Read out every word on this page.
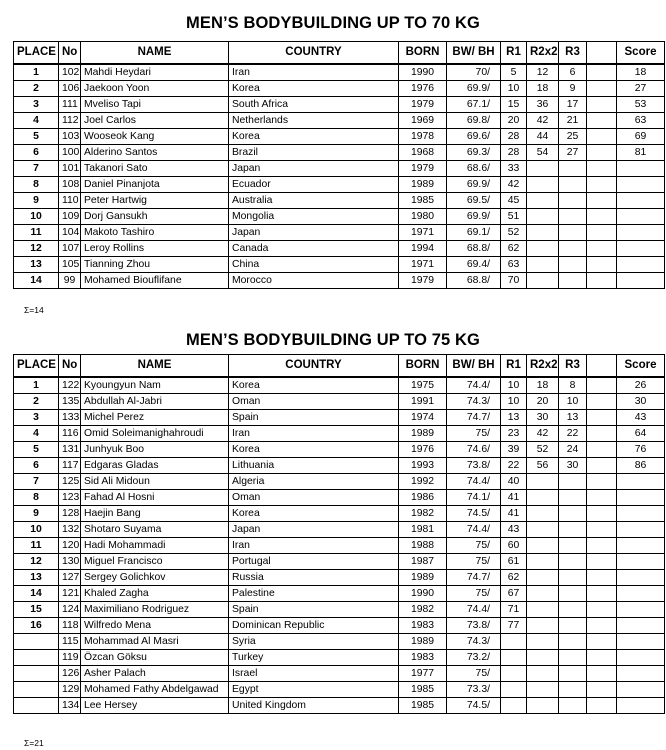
MEN’S BODYBUILDING UP TO 70 KG
PLACE	No	NAME	COUNTRY	BORN	BW/ BH	R1	R2x2	R3		Score
1	102	Mahdi Heydari	Iran	1990	70/	5	12	6		18
2	106	Jaekoon Yoon	Korea	1976	69.9/	10	18	9		27
3	111	Mveliso Tapi	South Africa	1979	67.1/	15	36	17		53
4	112	Joel Carlos	Netherlands	1969	69.8/	20	42	21		63
5	103	Wooseok Kang	Korea	1978	69.6/	28	44	25		69
6	100	Alderino Santos	Brazil	1968	69.3/	28	54	27		81
7	101	Takanori Sato	Japan	1979	68.6/	33				
8	108	Daniel Pinanjota	Ecuador	1989	69.9/	42				
9	110	Peter Hartwig	Australia	1985	69.5/	45				
10	109	Dorj Gansukh	Mongolia	1980	69.9/	51				
11	104	Makoto Tashiro	Japan	1971	69.1/	52				
12	107	Leroy Rollins	Canada	1994	68.8/	62				
13	105	Tianning Zhou	China	1971	69.4/	63				
14	99	Mohamed Biouflifane	Morocco	1979	68.8/	70				
Σ=14
MEN’S BODYBUILDING UP TO 75 KG
PLACE	No	NAME	COUNTRY	BORN	BW/ BH	R1	R2x2	R3		Score
1	122	Kyoungyun Nam	Korea	1975	74.4/	10	18	8		26
2	135	Abdullah Al-Jabri	Oman	1991	74.3/	10	20	10		30
3	133	Michel Perez	Spain	1974	74.7/	13	30	13		43
4	116	Omid Soleimanighahroudi	Iran	1989	75/	23	42	22		64
5	131	Junhyuk Boo	Korea	1976	74.6/	39	52	24		76
6	117	Edgaras Gladas	Lithuania	1993	73.8/	22	56	30		86
7	125	Sid Ali Midoun	Algeria	1992	74.4/	40				
8	123	Fahad Al Hosni	Oman	1986	74.1/	41				
9	128	Haejin Bang	Korea	1982	74.5/	41				
10	132	Shotaro Suyama	Japan	1981	74.4/	43				
11	120	Hadi Mohammadi	Iran	1988	75/	60				
12	130	Miguel Francisco	Portugal	1987	75/	61				
13	127	Sergey Golichkov	Russia	1989	74.7/	62				
14	121	Khaled Zagha	Palestine	1990	75/	67				
15	124	Maximiliano Rodriguez	Spain	1982	74.4/	71				
16	118	Wilfredo Mena	Dominican Republic	1983	73.8/	77				
	115	Mohammad Al Masri	Syria	1989	74.3/					
	119	Özcan Göksu	Turkey	1983	73.2/					
	126	Asher Palach	Israel	1977	75/					
	129	Mohamed Fathy Abdelgawad	Egypt	1985	73.3/					
	134	Lee Hersey	United Kingdom	1985	74.5/					
Σ=21
